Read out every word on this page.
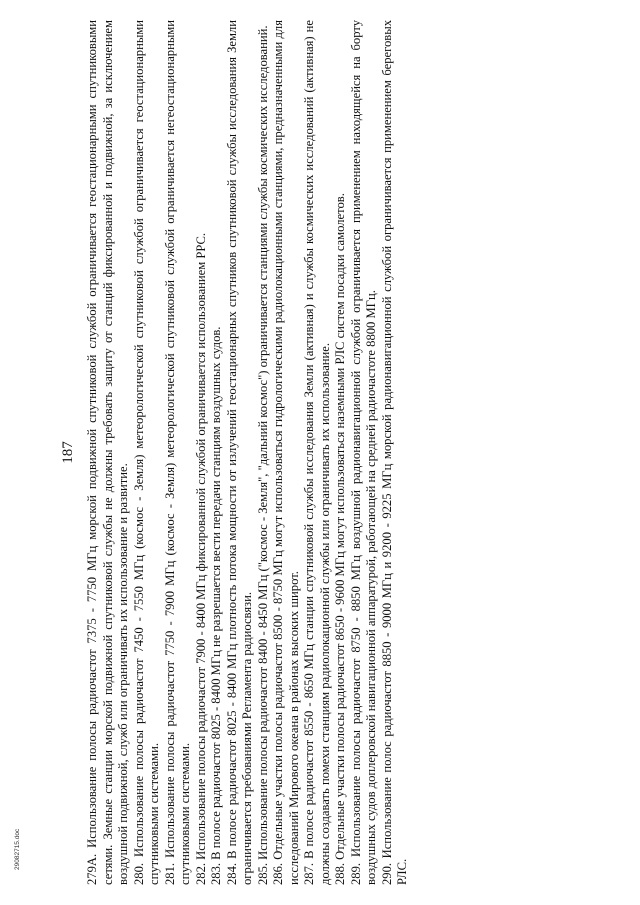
187 279A. Использование полосы радиочастот 7375 - 7750 МГц морской подвижной спутниковой службой ограничивается геостационарными спутниковыми сетями. Земные станции морской подвижной спутниковой службы не должны требовать защиту от станций фиксированной и подвижной, за исключением воздушной подвижной, служб или ограничивать их использование и развитие. 280. Использование полосы радиочастот 7450 - 7550 МГц (космос - Земля) метеорологической спутниковой службой ограничивается геостационарными спутниковыми системами. 281. Использование полосы радиочастот 7750 - 7900 МГц (космос - Земля) метеорологической спутниковой службой ограничивается негеостационарными спутниковыми системами. 282. Использование полосы радиочастот 7900 - 8400 МГц фиксированной службой ограничивается использованием РРС. 283. В полосе радиочастот 8025 - 8400 МГц не разрешается вести передачи станциям воздушных судов. 284. В полосе радиочастот 8025 - 8400 МГц плотность потока мощности от излучений геостационарных спутников спутниковой службы исследования Земли ограничивается требованиями Регламента радиосвязи. 285. Использование полосы радиочастот 8400 - 8450 МГц ("космос - Земля", "дальний космос") ограничивается станциями службы космических исследований. 286. Отдельные участки полосы радиочастот 8500 - 8750 МГц могут использоваться гидрологическими радиолокационными станциями, предназначенными для исследований Мирового океана в районах высоких широт. 287. В полосе радиочастот 8550 - 8650 МГц станции спутниковой службы исследования Земли (активная) и службы космических исследований (активная) не должны создавать помехи станциям радиолокационной службы или ограничивать их использование. 288. Отдельные участки полосы радиочастот 8650 - 9600 МГц могут использоваться наземными РЛС систем посадки самолетов. 289. Использование полосы радиочастот 8750 - 8850 МГц воздушной радионавигационной службой ограничивается применением находящейся на борту воздушных судов доплеровской навигационной аппаратурой, работающей на средней радиочастоте 8800 МГц. 290. Использование полос радиочастот 8850 - 9000 МГц и 9200 - 9225 МГц морской радионавигационной службой ограничивается применением береговых РЛС.

29082715.doc
